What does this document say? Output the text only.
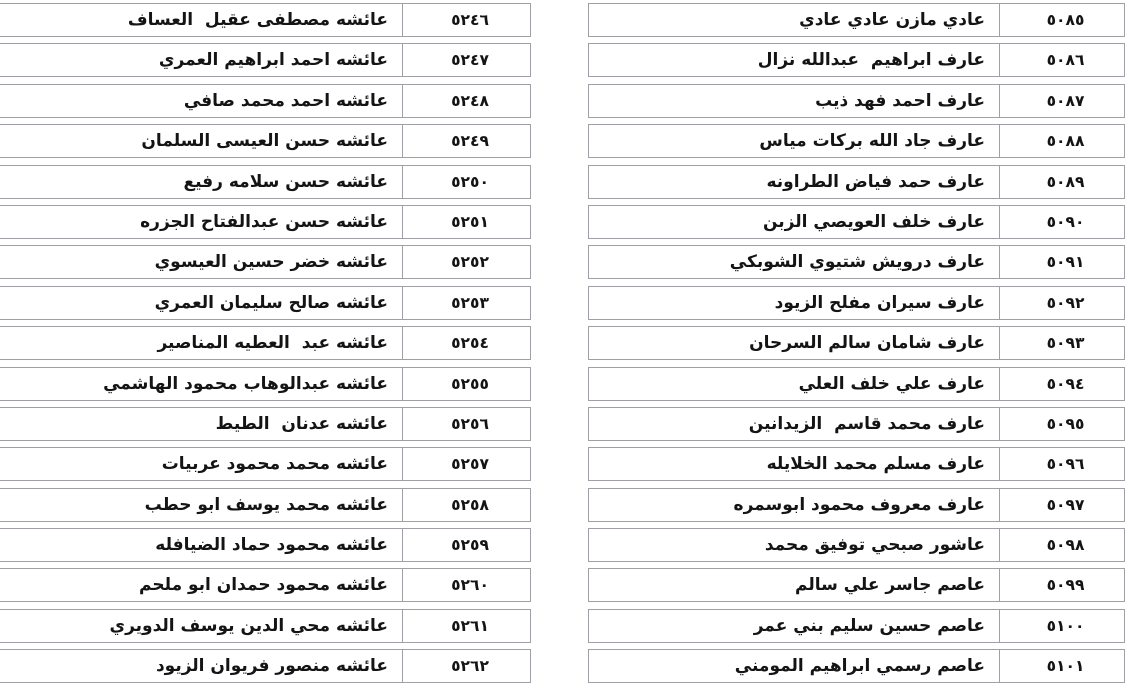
عائشه مصطفى عقيل  العساف	٥٢٤٦
عائشه احمد ابراهيم العمري	٥٢٤٧
عائشه احمد محمد صافي	٥٢٤٨
عائشه حسن العيسى السلمان	٥٢٤٩
عائشه حسن سلامه رفيع	٥٢٥٠
عائشه حسن عبدالفتاح الجزره	٥٢٥١
عائشه خضر حسين العيسوي	٥٢٥٢
عائشه صالح سليمان العمري	٥٢٥٣
عائشه عبد  العطيه المناصير	٥٢٥٤
عائشه عبدالوهاب محمود الهاشمي	٥٢٥٥
عائشه عدنان  الطيط	٥٢٥٦
عائشه محمد محمود عربيات	٥٢٥٧
عائشه محمد يوسف ابو حطب	٥٢٥٨
عائشه محمود حماد الضيافله	٥٢٥٩
عائشه محمود حمدان ابو ملحم	٥٢٦٠
عائشه محي الدين يوسف الدويري	٥٢٦١
عائشه منصور فريوان الزيود	٥٢٦٢
عادي مازن عادي عادي	٥٠٨٥
عارف ابراهيم  عبدالله نزال	٥٠٨٦
عارف احمد فهد ذيب	٥٠٨٧
عارف جاد الله بركات مياس	٥٠٨٨
عارف حمد فياض الطراونه	٥٠٨٩
عارف خلف العويصي الزبن	٥٠٩٠
عارف درويش شتيوي الشوبكي	٥٠٩١
عارف سيران مفلح الزيود	٥٠٩٢
عارف شامان سالم السرحان	٥٠٩٣
عارف علي خلف العلي	٥٠٩٤
عارف محمد قاسم  الزيدانين	٥٠٩٥
عارف مسلم محمد الخلايله	٥٠٩٦
عارف معروف محمود ابوسمره	٥٠٩٧
عاشور صبحي توفيق محمد	٥٠٩٨
عاصم جاسر علي سالم	٥٠٩٩
عاصم حسين سليم بني عمر	٥١٠٠
عاصم رسمي ابراهيم المومني	٥١٠١
